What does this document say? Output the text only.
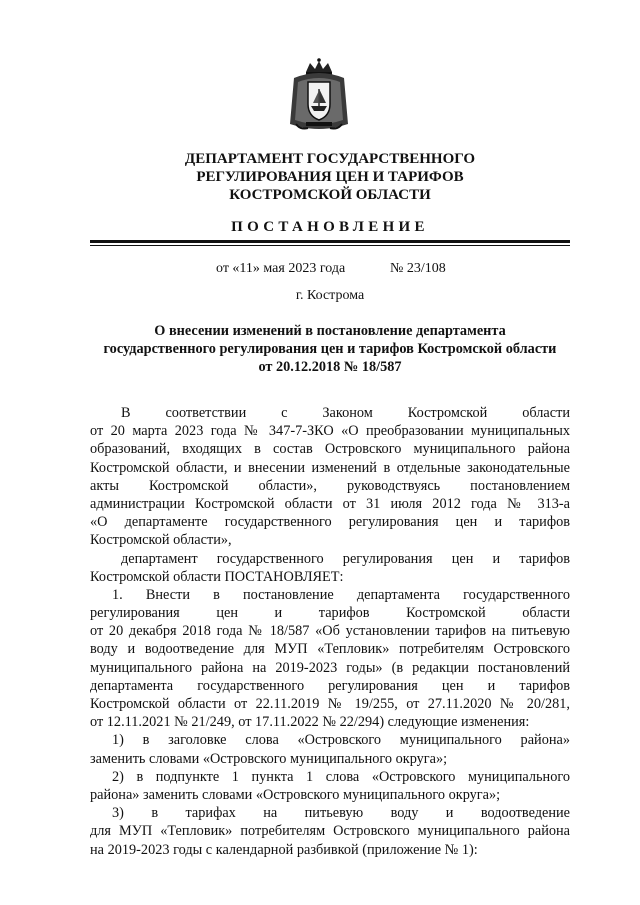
ДЕПАРТАМЕНТ ГОСУДАРСТВЕННОГО
РЕГУЛИРОВАНИЯ ЦЕН И ТАРИФОВ
КОСТРОМСКОЙ ОБЛАСТИ
ПОСТАНОВЛЕНИЕ
от «11» мая 2023 года	№ 23/108
г. Кострома
О внесении изменений в постановление департамента
государственного регулирования цен и тарифов Костромской области
от 20.12.2018 № 18/587
В соответствии с Законом Костромской области
от 20 марта 2023 года № 347-7-ЗКО «О преобразовании муниципальных
образований, входящих в состав Островского муниципального района
Костромской области, и внесении изменений в отдельные законодательные
акты Костромской области», руководствуясь постановлением
администрации Костромской области от 31 июля 2012 года № 313-а
«О департаменте государственного регулирования цен и тарифов
Костромской области»,
департамент государственного регулирования цен и тарифов
Костромской области ПОСТАНОВЛЯЕТ:
1. Внести в постановление департамента государственного
регулирования цен и тарифов Костромской области
от 20 декабря 2018 года № 18/587 «Об установлении тарифов на питьевую
воду и водоотведение для МУП «Тепловик» потребителям Островского
муниципального района на 2019-2023 годы» (в редакции постановлений
департамента государственного регулирования цен и тарифов
Костромской области от 22.11.2019 № 19/255, от 27.11.2020 № 20/281,
от 12.11.2021 № 21/249, от 17.11.2022 № 22/294) следующие изменения:
1) в заголовке слова «Островского муниципального района»
заменить словами «Островского муниципального округа»;
2) в подпункте 1 пункта 1 слова «Островского муниципального
района» заменить словами «Островского муниципального округа»;
3) в тарифах на питьевую воду и водоотведение
для МУП «Тепловик» потребителям Островского муниципального района
на 2019-2023 годы с календарной разбивкой (приложение № 1):
